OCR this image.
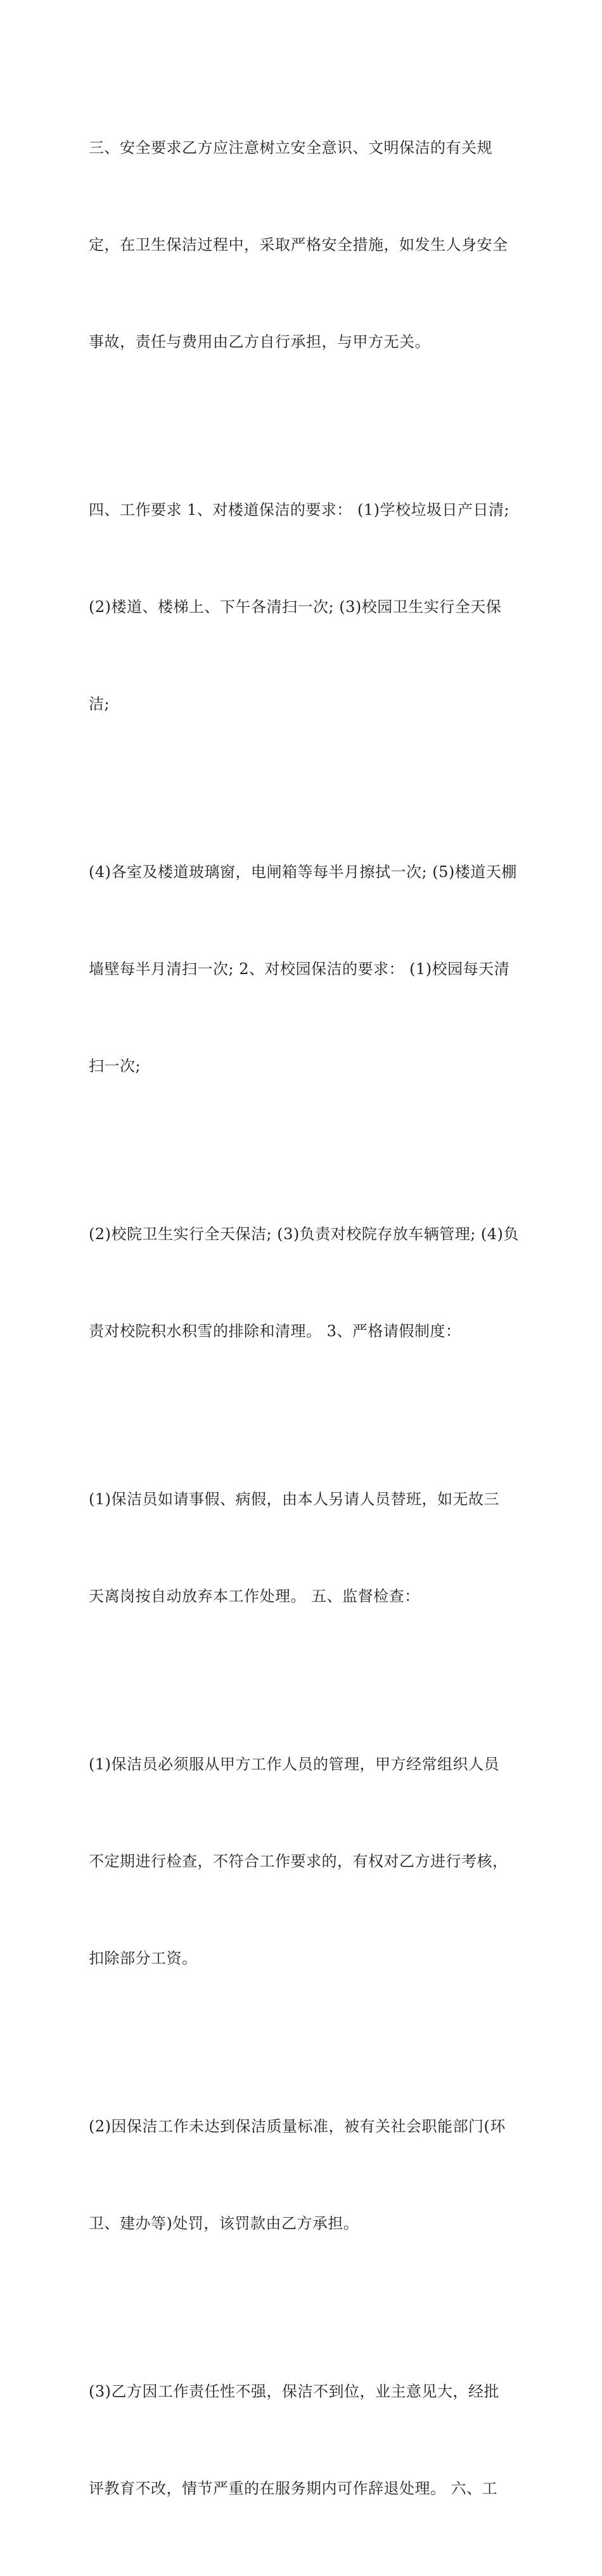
三、安全要求乙方应注意树立安全意识、文明保洁的有关规

定，在卫生保洁过程中，采取严格安全措施，如发生人身安全

事故，责任与费用由乙方自行承担，与甲方无关。

四、工作要求 1、对楼道保洁的要求： (1)学校垃圾日产日清;

(2)楼道、楼梯上、下午各清扫一次; (3)校园卫生实行全天保

洁;

(4)各室及楼道玻璃窗，电闸箱等每半月擦拭一次; (5)楼道天棚

墙壁每半月清扫一次; 2、对校园保洁的要求： (1)校园每天清

扫一次;

(2)校院卫生实行全天保洁; (3)负责对校院存放车辆管理; (4)负

责对校院积水积雪的排除和清理。 3、严格请假制度：

(1)保洁员如请事假、病假，由本人另请人员替班，如无故三

天离岗按自动放弃本工作处理。 五、监督检查：

(1)保洁员必须服从甲方工作人员的管理，甲方经常组织人员

不定期进行检查，不符合工作要求的，有权对乙方进行考核，

扣除部分工资。

(2)因保洁工作未达到保洁质量标准，被有关社会职能部门(环

卫、建办等)处罚，该罚款由乙方承担。

(3)乙方因工作责任性不强，保洁不到位，业主意见大，经批

评教育不改，情节严重的在服务期内可作辞退处理。 六、工
